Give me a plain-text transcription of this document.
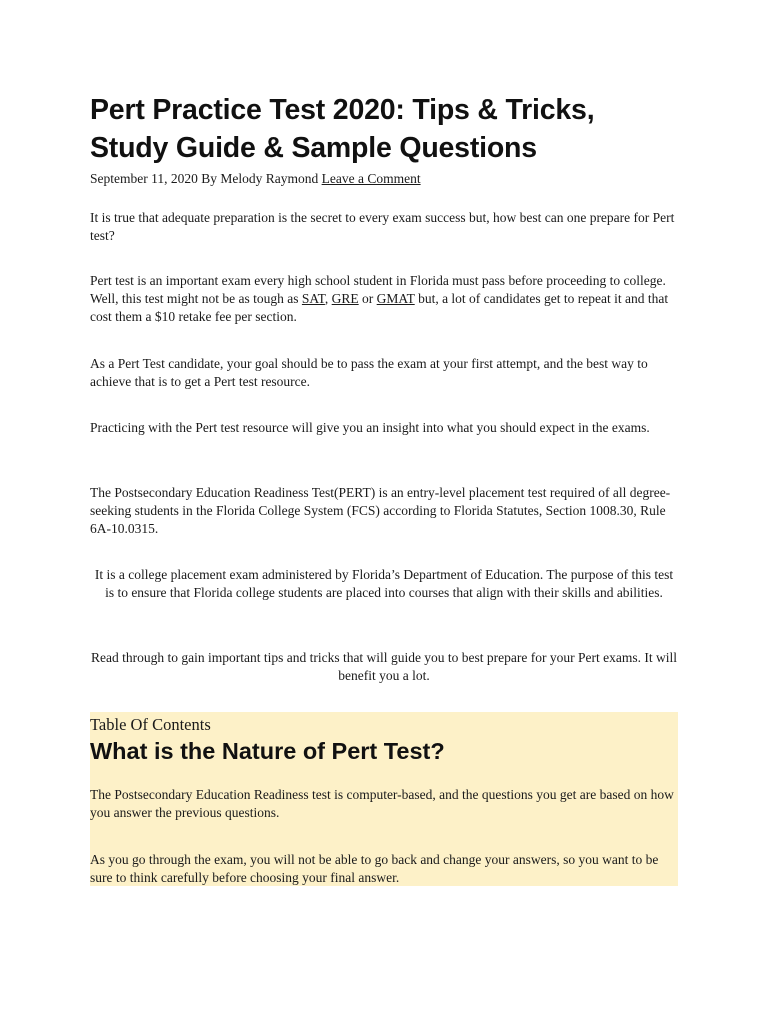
Pert Practice Test 2020: Tips & Tricks, Study Guide & Sample Questions
September 11, 2020 By Melody Raymond Leave a Comment

It is true that adequate preparation is the secret to every exam success but, how best can one prepare for Pert test?

Pert test is an important exam every high school student in Florida must pass before proceeding to college. Well, this test might not be as tough as SAT, GRE or GMAT but, a lot of candidates get to repeat it and that cost them a $10 retake fee per section.

As a Pert Test candidate, your goal should be to pass the exam at your first attempt, and the best way to achieve that is to get a Pert test resource.

Practicing with the Pert test resource will give you an insight into what you should expect in the exams.

The Postsecondary Education Readiness Test(PERT) is an entry-level placement test required of all degree-seeking students in the Florida College System (FCS) according to Florida Statutes, Section 1008.30, Rule 6A-10.0315.

It is a college placement exam administered by Florida’s Department of Education. The purpose of this test is to ensure that Florida college students are placed into courses that align with their skills and abilities.

Read through to gain important tips and tricks that will guide you to best prepare for your Pert exams. It will benefit you a lot.

Table Of Contents
What is the Nature of Pert Test?

The Postsecondary Education Readiness test is computer-based, and the questions you get are based on how you answer the previous questions.

As you go through the exam, you will not be able to go back and change your answers, so you want to be sure to think carefully before choosing your final answer.
